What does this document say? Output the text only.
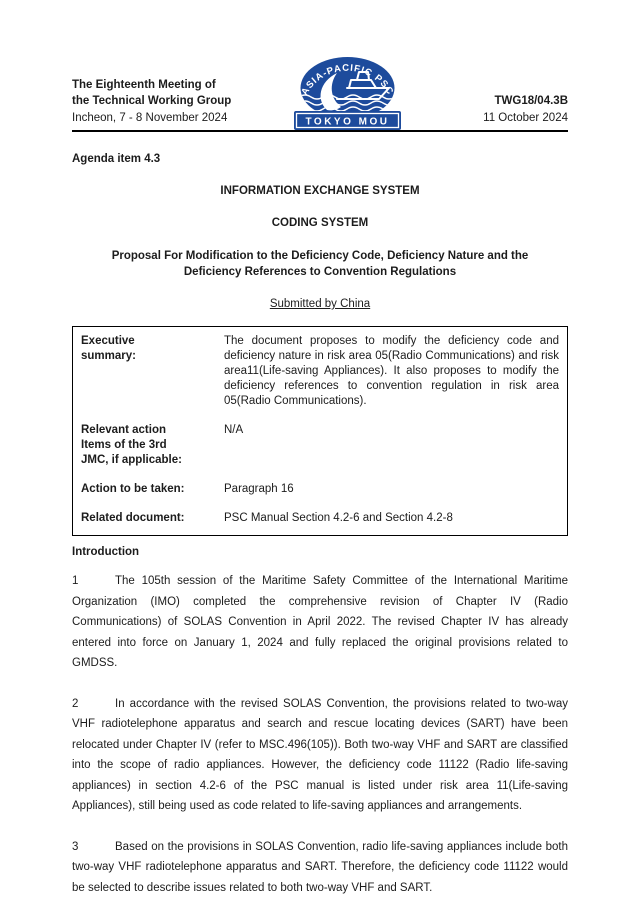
The Eighteenth Meeting of
the Technical Working Group
Incheon, 7 - 8 November 2024
ASIA-PACIFIC PSC
TOKYO MOU
TWG18/04.3B
11 October 2024
Agenda item 4.3
INFORMATION EXCHANGE SYSTEM
CODING SYSTEM
Proposal For Modification to the Deficiency Code, Deficiency Nature and the Deficiency References to Convention Regulations
Submitted by China
Executive summary:	The document proposes to modify the deficiency code and deficiency nature in risk area 05(Radio Communications) and risk area11(Life-saving Appliances). It also proposes to modify the deficiency references to convention regulation in risk area 05(Radio Communications).
Relevant action Items of the 3rd JMC, if applicable:	N/A
Action to be taken:	Paragraph 16
Related document:	PSC Manual Section 4.2-6 and Section 4.2-8
Introduction
1	The 105th session of the Maritime Safety Committee of the International Maritime Organization (IMO) completed the comprehensive revision of Chapter IV (Radio Communications) of SOLAS Convention in April 2022. The revised Chapter IV has already entered into force on January 1, 2024 and fully replaced the original provisions related to GMDSS.
2	In accordance with the revised SOLAS Convention, the provisions related to two-way VHF radiotelephone apparatus and search and rescue locating devices (SART) have been relocated under Chapter IV (refer to MSC.496(105)). Both two-way VHF and SART are classified into the scope of radio appliances. However, the deficiency code 11122 (Radio life-saving appliances) in section 4.2-6 of the PSC manual is listed under risk area 11(Life-saving Appliances), still being used as code related to life-saving appliances and arrangements.
3	Based on the provisions in SOLAS Convention, radio life-saving appliances include both two-way VHF radiotelephone apparatus and SART. Therefore, the deficiency code 11122 would be selected to describe issues related to both two-way VHF and SART.
